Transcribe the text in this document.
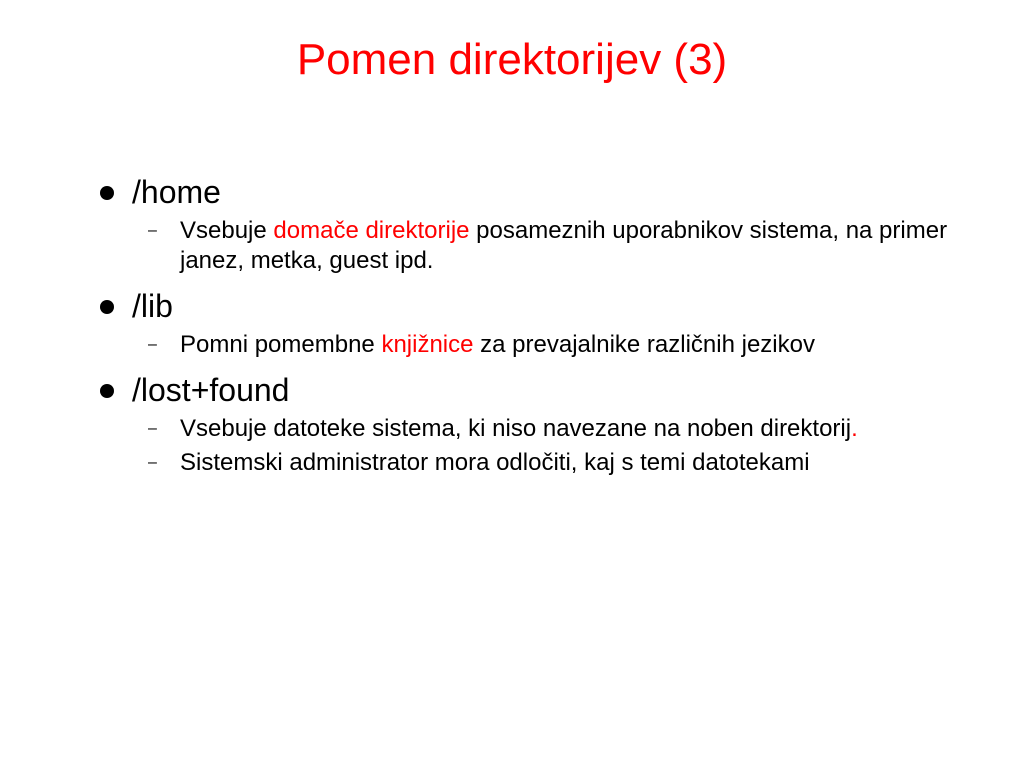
Pomen direktorijev (3)
/home
– Vsebuje domače direktorije posameznih uporabnikov sistema, na primer janez, metka, guest ipd.
/lib
– Pomni pomembne knjižnice za prevajalnike različnih jezikov
/lost+found
– Vsebuje datoteke sistema, ki niso navezane na noben direktorij.
– Sistemski administrator mora odločiti, kaj s temi datotekami
